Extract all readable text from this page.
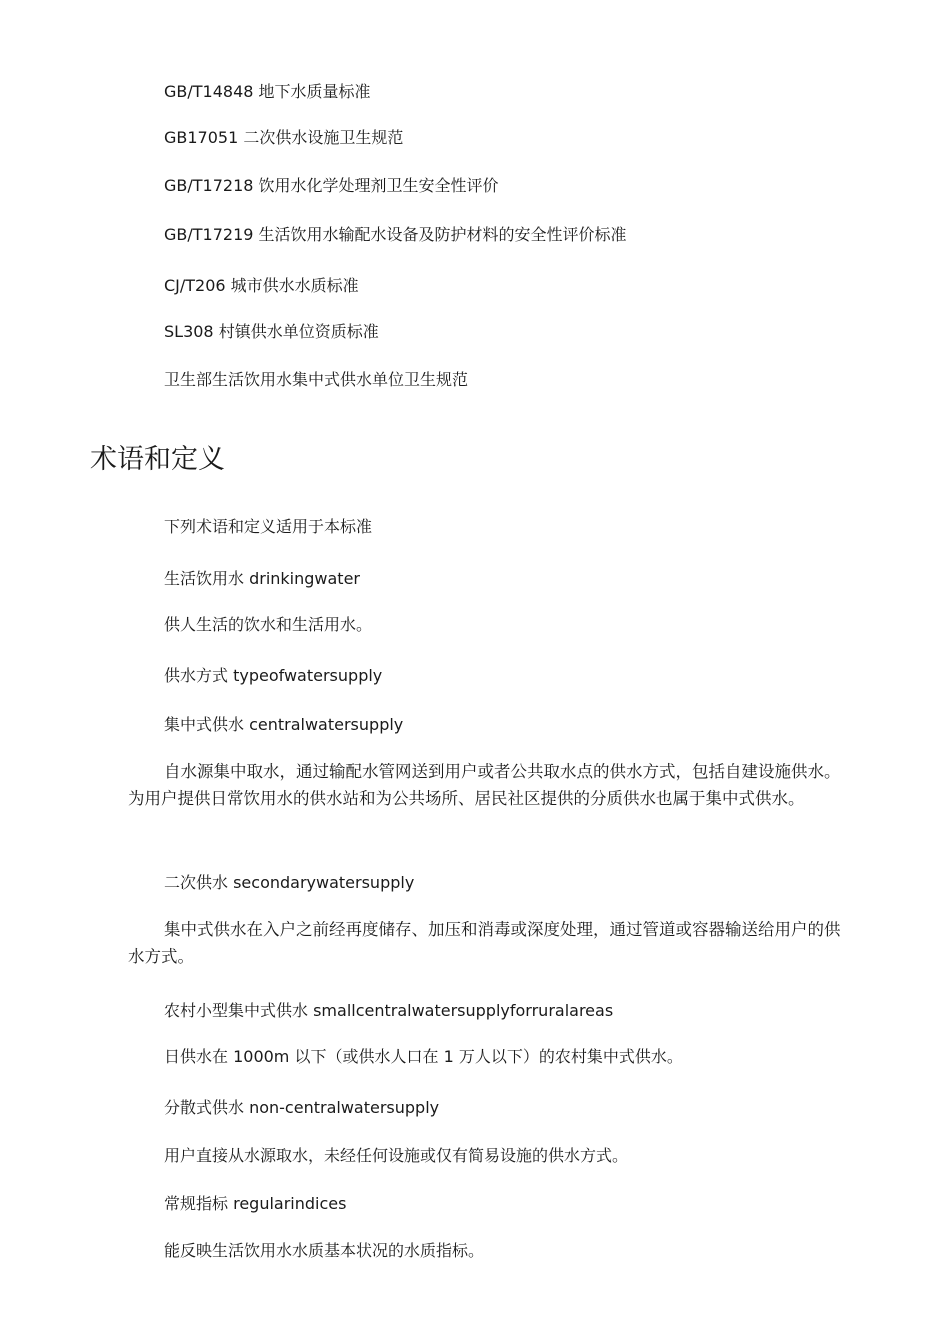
GB/T14848 地下水质量标准
GB17051 二次供水设施卫生规范
GB/T17218 饮用水化学处理剂卫生安全性评价
GB/T17219 生活饮用水输配水设备及防护材料的安全性评价标准
CJ/T206 城市供水水质标准
SL308 村镇供水单位资质标准
卫生部生活饮用水集中式供水单位卫生规范
术语和定义
下列术语和定义适用于本标准
生活饮用水 drinkingwater
供人生活的饮水和生活用水。
供水方式 typeofwatersupply
集中式供水 centralwatersupply
自水源集中取水，通过输配水管网送到用户或者公共取水点的供水方式，包括自建设施供水。为用户提供日常饮用水的供水站和为公共场所、居民社区提供的分质供水也属于集中式供水。
二次供水 secondarywatersupply
集中式供水在入户之前经再度储存、加压和消毒或深度处理，通过管道或容器输送给用户的供水方式。
农村小型集中式供水 smallcentralwatersupplyforruralareas
日供水在 1000m 以下（或供水人口在 1 万人以下）的农村集中式供水。
分散式供水 non-centralwatersupply
用户直接从水源取水，未经任何设施或仅有简易设施的供水方式。
常规指标 regularindices
能反映生活饮用水水质基本状况的水质指标。
